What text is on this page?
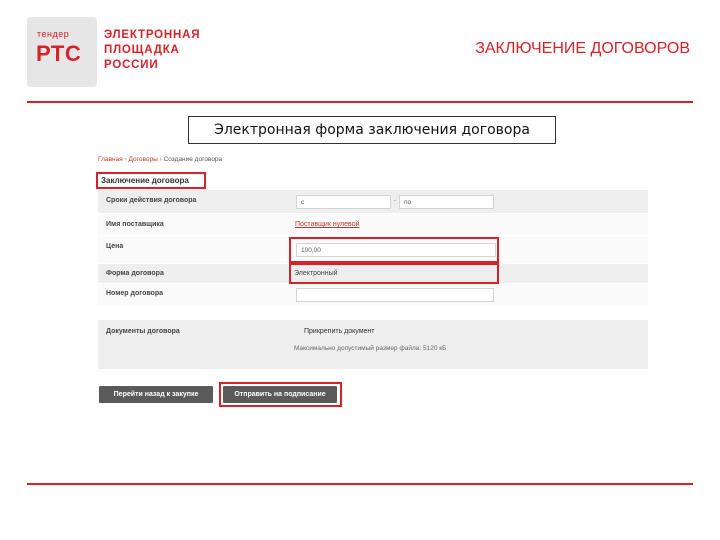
тендер
РТС
ЭЛЕКТРОННАЯ
ПЛОЩАДКА
РОССИИ
ЗАКЛЮЧЕНИЕ ДОГОВОРОВ
Электронная форма заключения договора
Главная › Договоры › Создание договора
Заключение договора
Сроки действия договора	с	-	по
Имя поставщика	Поставщик нулевой
Цена	100,00
Форма договора	Электронный
Номер договора
Документы договора	Прикрепить документ
Максимально допустимый размер файла: 5120 кБ
Перейти назад к закупке	Отправить на подписание
